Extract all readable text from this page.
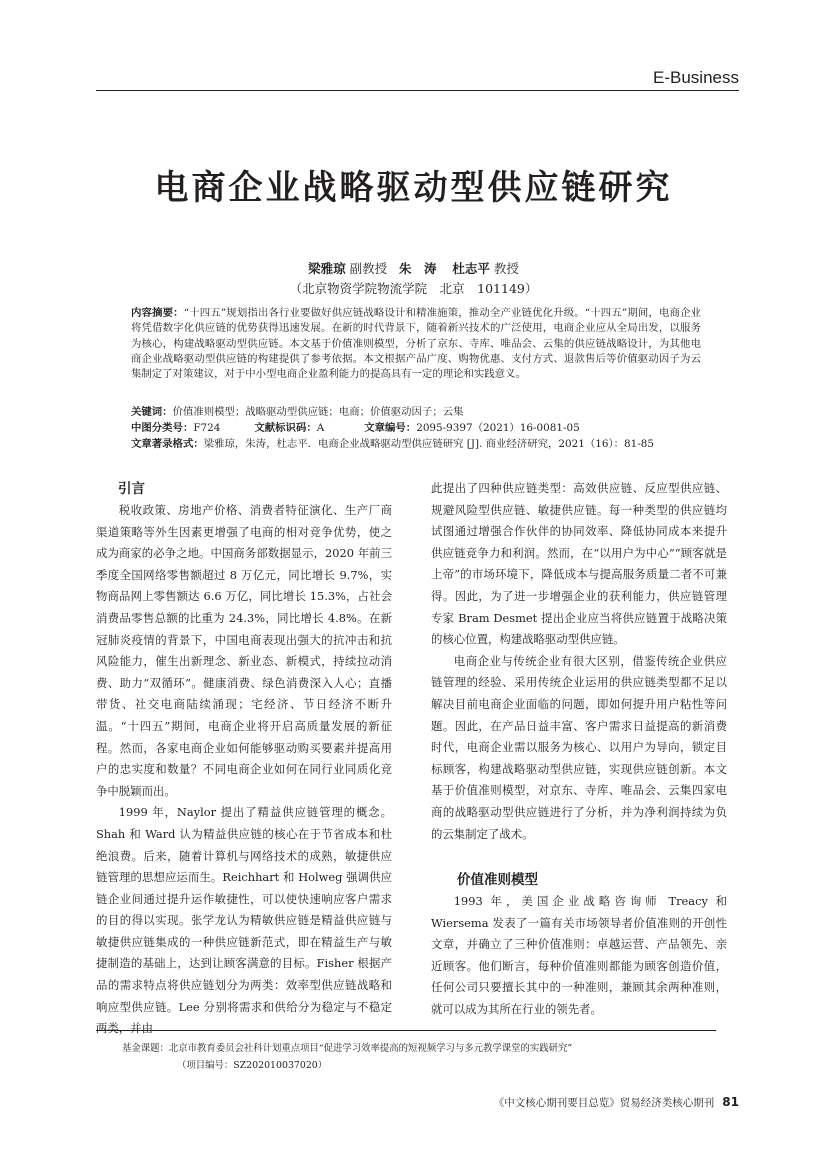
E-Business
电商企业战略驱动型供应链研究
梁雅琼 副教授 朱　涛 杜志平 教授
（北京物资学院物流学院　北京　101149）
内容摘要：“十四五”规划指出各行业要做好供应链战略设计和精准施策，推动全产业链优化升级。“十四五”期间，电商企业将凭借数字化供应链的优势获得迅速发展。在新的时代背景下，随着新兴技术的广泛使用，电商企业应从全局出发，以服务为核心，构建战略驱动型供应链。本文基于价值准则模型，分析了京东、寺库、唯品会、云集的供应链战略设计，为其他电商企业战略驱动型供应链的构建提供了参考依据。本文根据产品广度、购物优惠、支付方式、退款售后等价值驱动因子为云集制定了对策建议，对于中小型电商企业盈利能力的提高具有一定的理论和实践意义。
关键词：价值准则模型；战略驱动型供应链；电商；价值驱动因子；云集
中图分类号：F724	文献标识码：A	文章编号：2095-9397（2021）16-0081-05
文章著录格式：梁雅琼，朱涛，杜志平．电商企业战略驱动型供应链研究 [J]. 商业经济研究，2021（16）：81-85
引言

税收政策、房地产价格、消费者特征演化、生产厂商渠道策略等外生因素更增强了电商的相对竞争优势，使之成为商家的必争之地。中国商务部数据显示，2020 年前三季度全国网络零售额超过 8 万亿元，同比增长 9.7%，实物商品网上零售额达 6.6 万亿，同比增长 15.3%，占社会消费品零售总额的比重为 24.3%，同比增长 4.8%。在新冠肺炎疫情的背景下，中国电商表现出强大的抗冲击和抗风险能力，催生出新理念、新业态、新模式，持续拉动消费、助力“双循环”。健康消费、绿色消费深入人心；直播带货、社交电商陆续涌现；宅经济、节日经济不断升温。“十四五”期间，电商企业将开启高质量发展的新征程。然而，各家电商企业如何能够驱动购买要素并提高用户的忠实度和数量？不同电商企业如何在同行业同质化竞争中脱颖而出。

1999 年，Naylor 提出了精益供应链管理的概念。Shah 和 Ward 认为精益供应链的核心在于节省成本和杜绝浪费。后来，随着计算机与网络技术的成熟，敏捷供应链管理的思想应运而生。Reichhart 和 Holweg 强调供应链企业间通过提升运作敏捷性，可以使快速响应客户需求的目的得以实现。张学龙认为精敏供应链是精益供应链与敏捷供应链集成的一种供应链新范式，即在精益生产与敏捷制造的基础上，达到让顾客满意的目标。Fisher 根据产品的需求特点将供应链划分为两类：效率型供应链战略和响应型供应链。Lee 分别将需求和供给分为稳定与不稳定两类，并由

此提出了四种供应链类型：高效供应链、反应型供应链、规避风险型供应链、敏捷供应链。每一种类型的供应链均试图通过增强合作伙伴的协同效率、降低协同成本来提升供应链竞争力和利润。然而，在“以用户为中心”“顾客就是上帝”的市场环境下，降低成本与提高服务质量二者不可兼得。因此，为了进一步增强企业的获利能力，供应链管理专家 Bram Desmet 提出企业应当将供应链置于战略决策的核心位置，构建战略驱动型供应链。

电商企业与传统企业有很大区别，借鉴传统企业供应链管理的经验、采用传统企业运用的供应链类型都不足以解决目前电商企业面临的问题，即如何提升用户粘性等问题。因此，在产品日益丰富、客户需求日益提高的新消费时代，电商企业需以服务为核心、以用户为导向，锁定目标顾客，构建战略驱动型供应链，实现供应链创新。本文基于价值准则模型，对京东、寺库、唯品会、云集四家电商的战略驱动型供应链进行了分析，并为净利润持续为负的云集制定了战术。

价值准则模型

1993 年，美国企业战略咨询师 Treacy 和 Wiersema 发表了一篇有关市场领导者价值准则的开创性文章，并确立了三种价值准则：卓越运营、产品领先、亲近顾客。他们断言，每种价值准则都能为顾客创造价值，任何公司只要擅长其中的一种准则，兼顾其余两种准则，就可以成为其所在行业的领先者。

基金课题：北京市教育委员会社科计划重点项目“促进学习效率提高的短视频学习与多元教学课堂的实践研究”
（项目编号：SZ202010037020）
《中文核心期刊要目总览》贸易经济类核心期刊 81
